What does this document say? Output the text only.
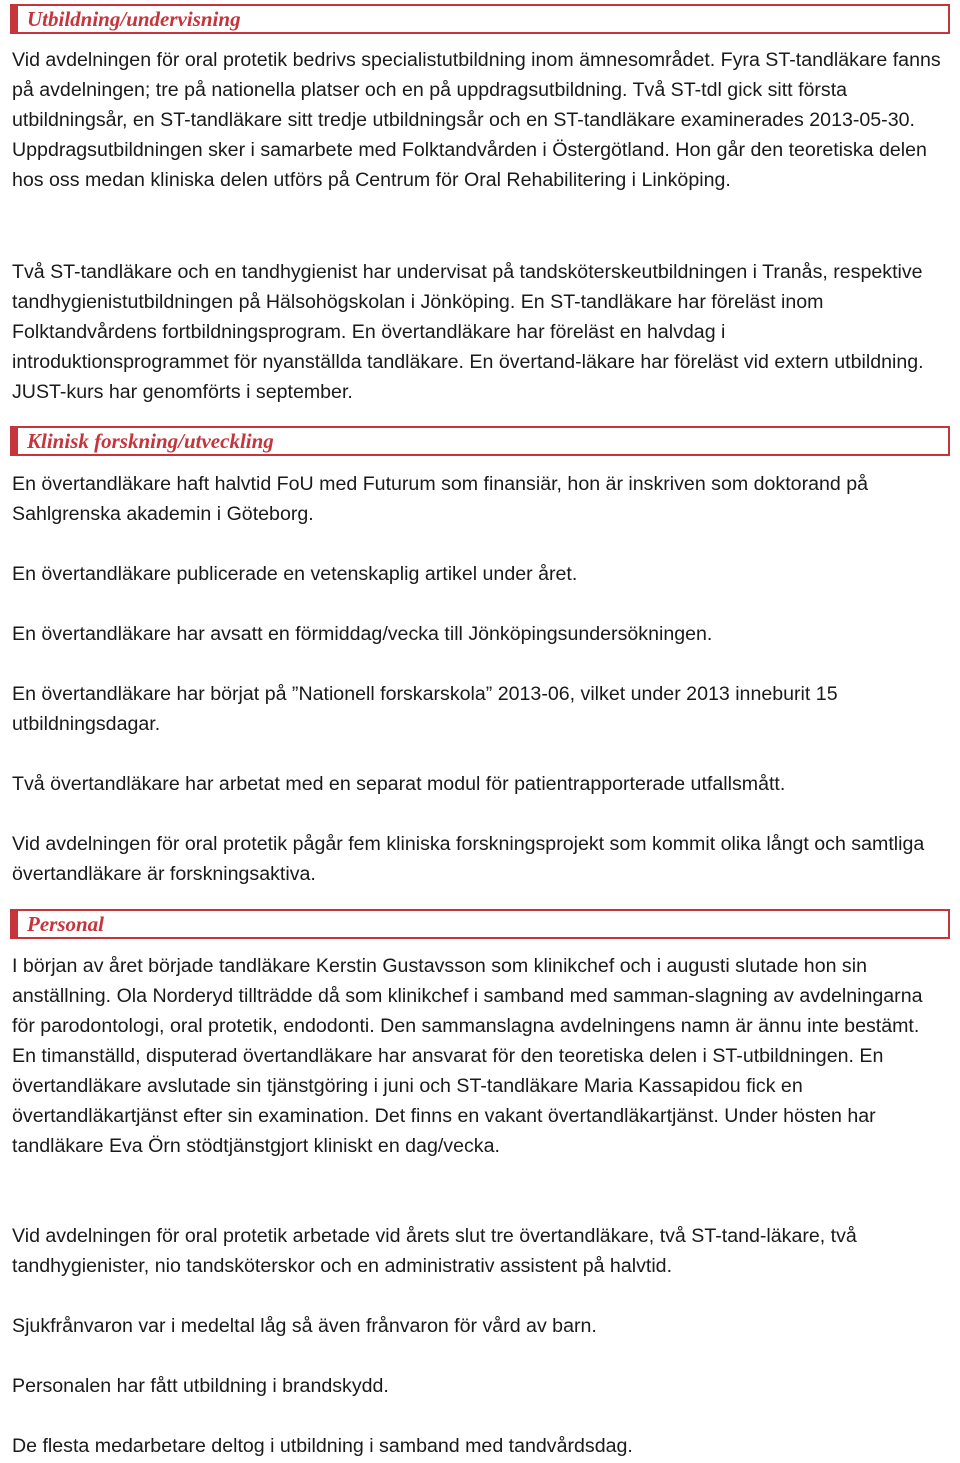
Utbildning/undervisning

Vid avdelningen för oral protetik bedrivs specialistutbildning inom ämnesområdet. Fyra ST-tandläkare fanns på avdelningen; tre på nationella platser och en på uppdragsutbildning. Två ST-tdl gick sitt första utbildningsår, en ST-tandläkare sitt tredje utbildningsår och en ST-tandläkare examinerades 2013-05-30. Uppdragsutbildningen sker i samarbete med Folktandvården i Östergötland. Hon går den teoretiska delen hos oss medan kliniska delen utförs på Centrum för Oral Rehabilitering i Linköping.

Två ST-tandläkare och en tandhygienist har undervisat på tandsköterskeutbildningen i Tranås, respektive tandhygienistutbildningen på Hälsohögskolan i Jönköping. En ST-tandläkare har föreläst inom Folktandvårdens fortbildningsprogram. En övertandläkare har föreläst en halvdag i introduktionsprogrammet för nyanställda tandläkare. En övertand-läkare har föreläst vid extern utbildning. JUST-kurs har genomförts i september.

Klinisk forskning/utveckling

En övertandläkare haft halvtid FoU med Futurum som finansiär, hon är inskriven som doktorand på Sahlgrenska akademin i Göteborg.

En övertandläkare publicerade en vetenskaplig artikel under året.

En övertandläkare har avsatt en förmiddag/vecka till Jönköpingsundersökningen.

En övertandläkare har börjat på ”Nationell forskarskola” 2013-06, vilket under 2013 inneburit 15 utbildningsdagar.

Två övertandläkare har arbetat med en separat modul för patientrapporterade utfallsmått.

Vid avdelningen för oral protetik pågår fem kliniska forskningsprojekt som kommit olika långt och samtliga övertandläkare är forskningsaktiva.

Personal

I början av året började tandläkare Kerstin Gustavsson som klinikchef och i augusti slutade hon sin anställning. Ola Norderyd tillträdde då som klinikchef i samband med samman-slagning av avdelningarna för parodontologi, oral protetik, endodonti. Den sammanslagna avdelningens namn är ännu inte bestämt. En timanställd, disputerad övertandläkare har ansvarat för den teoretiska delen i ST-utbildningen. En övertandläkare avslutade sin tjänstgöring i juni och ST-tandläkare Maria Kassapidou fick en övertandläkartjänst efter sin examination. Det finns en vakant övertandläkartjänst. Under hösten har tandläkare Eva Örn stödtjänstgjort kliniskt en dag/vecka.

Vid avdelningen för oral protetik arbetade vid årets slut tre övertandläkare, två ST-tand-läkare, två tandhygienister, nio tandsköterskor och en administrativ assistent på halvtid.

Sjukfrånvaron var i medeltal låg så även frånvaron för vård av barn.

Personalen har fått utbildning i brandskydd.

De flesta medarbetare deltog i utbildning i samband med tandvårdsdag.
